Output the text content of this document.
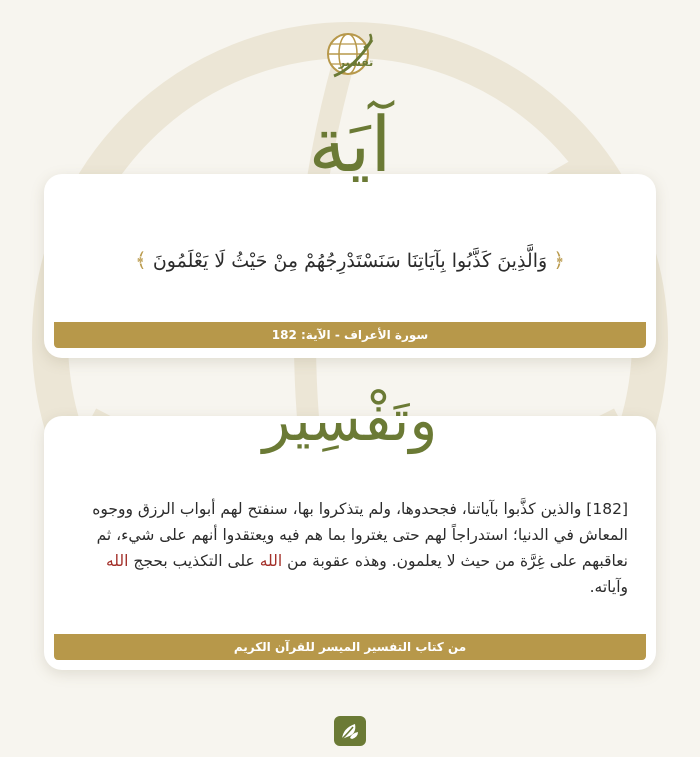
تفسير
آيَة
﴿ وَالَّذِينَ كَذَّبُوا بِآيَاتِنَا سَنَسْتَدْرِجُهُمْ مِنْ حَيْثُ لَا يَعْلَمُونَ ﴾
سورة الأعراف - الآية: 182
وتَفْسِير
[182] والذين كذَّبوا بآياتنا، فجحدوها، ولم يتذكروا بها، سنفتح لهم أبواب الرزق ووجوه المعاش في الدنيا؛ استدراجاً لهم حتى يغتروا بما هم فيه ويعتقدوا أنهم على شيء، ثم نعاقبهم على غِرَّة من حيث لا يعلمون. وهذه عقوبة من الله على التكذيب بحجج الله وآياته.
من كتاب التفسير الميسر للقرآن الكريم
